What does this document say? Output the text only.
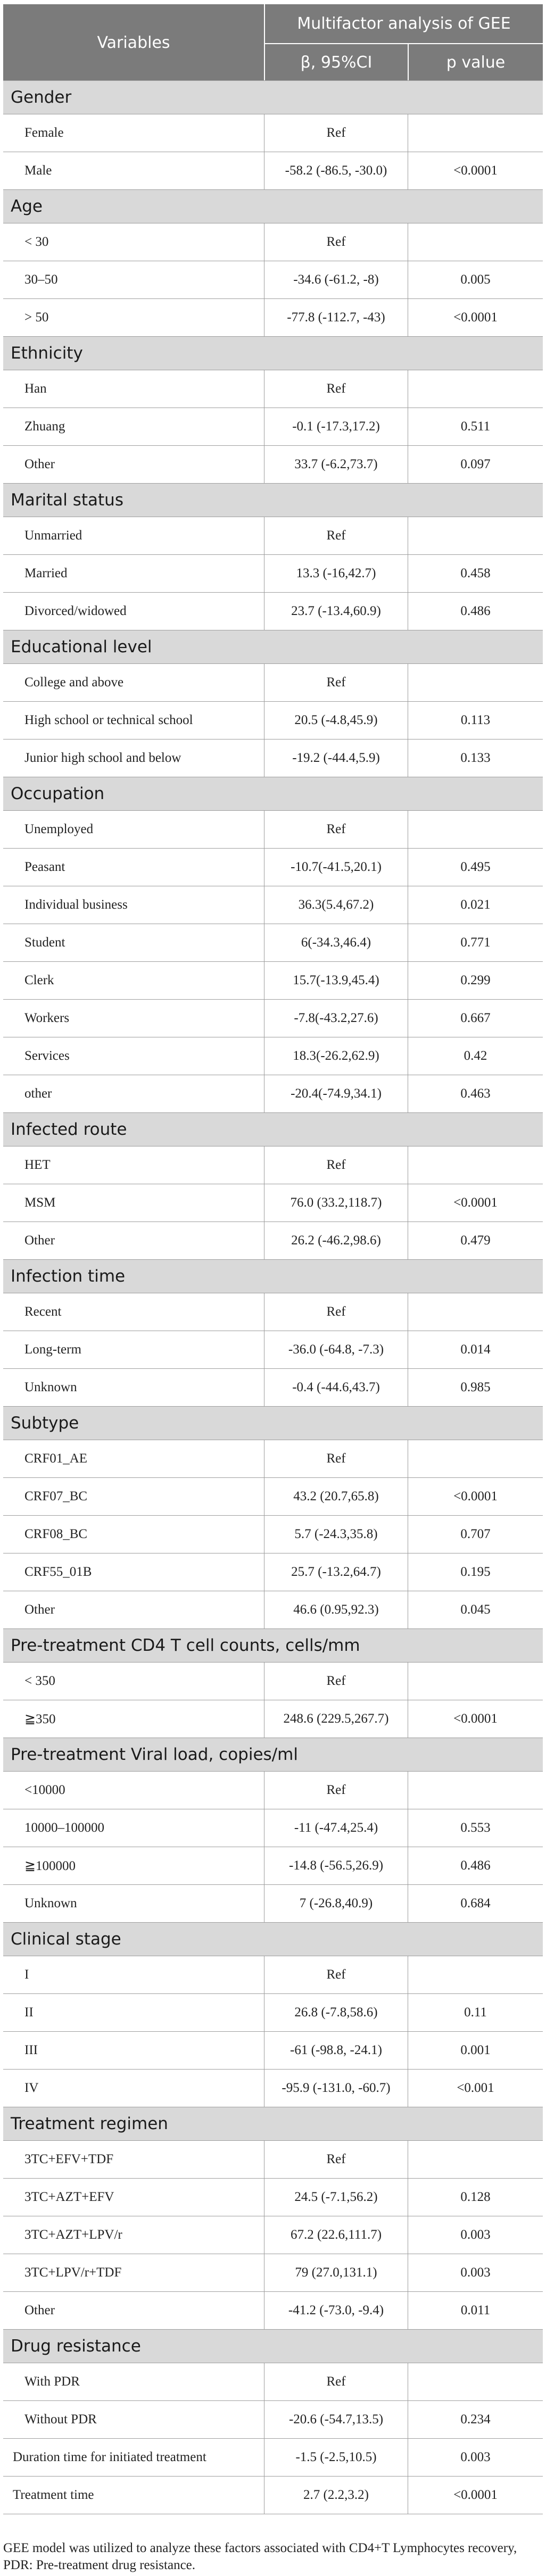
Multifactor analysis of GEE
β, 95%CI	p value
Variables
Gender
Female	Ref
Male	-58.2 (-86.5, -30.0)	<0.0001
Age
< 30	Ref
30–50	-34.6 (-61.2, -8)	0.005
> 50	-77.8 (-112.7, -43)	<0.0001
Ethnicity
Han	Ref
Zhuang	-0.1 (-17.3,17.2)	0.511
Other	33.7 (-6.2,73.7)	0.097
Marital status
Unmarried	Ref
Married	13.3 (-16,42.7)	0.458
Divorced/widowed	23.7 (-13.4,60.9)	0.486
Educational level
College and above	Ref
High school or technical school	20.5 (-4.8,45.9)	0.113
Junior high school and below	-19.2 (-44.4,5.9)	0.133
Occupation
Unemployed	Ref
Peasant	-10.7(-41.5,20.1)	0.495
Individual business	36.3(5.4,67.2)	0.021
Student	6(-34.3,46.4)	0.771
Clerk	15.7(-13.9,45.4)	0.299
Workers	-7.8(-43.2,27.6)	0.667
Services	18.3(-26.2,62.9)	0.42
other	-20.4(-74.9,34.1)	0.463
Infected route
HET	Ref
MSM	76.0 (33.2,118.7)	<0.0001
Other	26.2 (-46.2,98.6)	0.479
Infection time
Recent	Ref
Long-term	-36.0 (-64.8, -7.3)	0.014
Unknown	-0.4 (-44.6,43.7)	0.985
Subtype
CRF01_AE	Ref
CRF07_BC	43.2 (20.7,65.8)	<0.0001
CRF08_BC	5.7 (-24.3,35.8)	0.707
CRF55_01B	25.7 (-13.2,64.7)	0.195
Other	46.6 (0.95,92.3)	0.045
Pre-treatment CD4 T cell counts, cells/mm
< 350	Ref
≧350	248.6 (229.5,267.7)	<0.0001
Pre-treatment Viral load, copies/ml
<10000	Ref
10000–100000	-11 (-47.4,25.4)	0.553
≧100000	-14.8 (-56.5,26.9)	0.486
Unknown	7 (-26.8,40.9)	0.684
Clinical stage
I	Ref
II	26.8 (-7.8,58.6)	0.11
III	-61 (-98.8, -24.1)	0.001
IV	-95.9 (-131.0, -60.7)	<0.001
Treatment regimen
3TC+EFV+TDF	Ref
3TC+AZT+EFV	24.5 (-7.1,56.2)	0.128
3TC+AZT+LPV/r	67.2 (22.6,111.7)	0.003
3TC+LPV/r+TDF	79 (27.0,131.1)	0.003
Other	-41.2 (-73.0, -9.4)	0.011
Drug resistance
With PDR	Ref
Without PDR	-20.6 (-54.7,13.5)	0.234
Duration time for initiated treatment	-1.5 (-2.5,10.5)	0.003
Treatment time	2.7 (2.2,3.2)	<0.0001
GEE model was utilized to analyze these factors associated with CD4+T Lymphocytes recovery, PDR: Pre-treatment drug resistance.
